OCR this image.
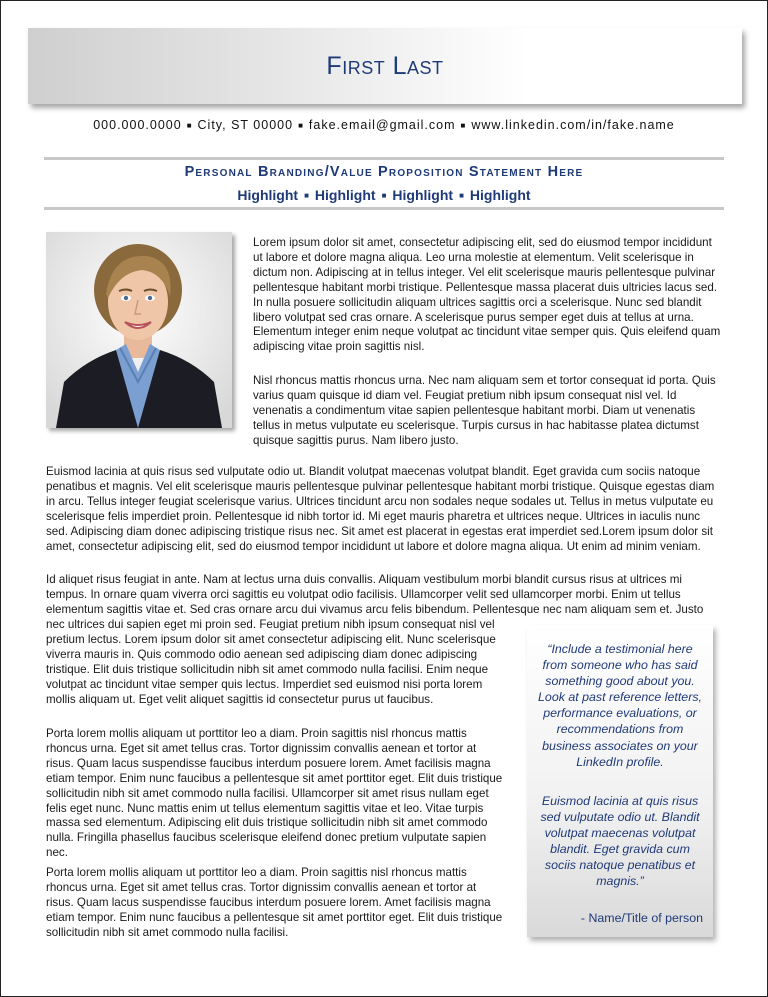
First Last
000.000.0000 ■ City, ST 00000 ■ fake.email@gmail.com ■ www.linkedin.com/in/fake.name
Personal Branding/Value Proposition Statement Here
Highlight ■ Highlight ■ Highlight ■ Highlight

Lorem ipsum dolor sit amet, consectetur adipiscing elit, sed do eiusmod tempor incididunt ut labore et dolore magna aliqua. Leo urna molestie at elementum. Velit scelerisque in dictum non. Adipiscing at in tellus integer. Vel elit scelerisque mauris pellentesque pulvinar pellentesque habitant morbi tristique. Pellentesque massa placerat duis ultricies lacus sed. In nulla posuere sollicitudin aliquam ultrices sagittis orci a scelerisque. Nunc sed blandit libero volutpat sed cras ornare. A scelerisque purus semper eget duis at tellus at urna. Elementum integer enim neque volutpat ac tincidunt vitae semper quis. Quis eleifend quam adipiscing vitae proin sagittis nisl.

Nisl rhoncus mattis rhoncus urna. Nec nam aliquam sem et tortor consequat id porta. Quis varius quam quisque id diam vel. Feugiat pretium nibh ipsum consequat nisl vel. Id venenatis a condimentum vitae sapien pellentesque habitant morbi. Diam ut venenatis tellus in metus vulputate eu scelerisque. Turpis cursus in hac habitasse platea dictumst quisque sagittis purus. Nam libero justo.

Euismod lacinia at quis risus sed vulputate odio ut. Blandit volutpat maecenas volutpat blandit. Eget gravida cum sociis natoque penatibus et magnis. Vel elit scelerisque mauris pellentesque pulvinar pellentesque habitant morbi tristique. Quisque egestas diam in arcu. Tellus integer feugiat scelerisque varius. Ultrices tincidunt arcu non sodales neque sodales ut. Tellus in metus vulputate eu scelerisque felis imperdiet proin. Pellentesque id nibh tortor id. Mi eget mauris pharetra et ultrices neque. Ultrices in iaculis nunc sed. Adipiscing diam donec adipiscing tristique risus nec. Sit amet est placerat in egestas erat imperdiet sed.Lorem ipsum dolor sit amet, consectetur adipiscing elit, sed do eiusmod tempor incididunt ut labore et dolore magna aliqua. Ut enim ad minim veniam.

Id aliquet risus feugiat in ante. Nam at lectus urna duis convallis. Aliquam vestibulum morbi blandit cursus risus at ultrices mi tempus. In ornare quam viverra orci sagittis eu volutpat odio facilisis. Ullamcorper velit sed ullamcorper morbi. Enim ut tellus elementum sagittis vitae et. Sed cras ornare arcu dui vivamus arcu felis bibendum. Pellentesque nec nam aliquam sem et. Justo nec ultrices dui sapien eget mi proin sed. Feugiat pretium nibh ipsum consequat nisl vel

pretium lectus. Lorem ipsum dolor sit amet consectetur adipiscing elit. Nunc scelerisque viverra mauris in. Quis commodo odio aenean sed adipiscing diam donec adipiscing tristique. Elit duis tristique sollicitudin nibh sit amet commodo nulla facilisi. Enim neque volutpat ac tincidunt vitae semper quis lectus. Imperdiet sed euismod nisi porta lorem mollis aliquam ut. Eget velit aliquet sagittis id consectetur purus ut faucibus.

Porta lorem mollis aliquam ut porttitor leo a diam. Proin sagittis nisl rhoncus mattis rhoncus urna. Eget sit amet tellus cras. Tortor dignissim convallis aenean et tortor at risus. Quam lacus suspendisse faucibus interdum posuere lorem. Amet facilisis magna etiam tempor. Enim nunc faucibus a pellentesque sit amet porttitor eget. Elit duis tristique sollicitudin nibh sit amet commodo nulla facilisi. Ullamcorper sit amet risus nullam eget felis eget nunc. Nunc mattis enim ut tellus elementum sagittis vitae et leo. Vitae turpis massa sed elementum. Adipiscing elit duis tristique sollicitudin nibh sit amet commodo nulla. Fringilla phasellus faucibus scelerisque eleifend donec pretium vulputate sapien nec.

Porta lorem mollis aliquam ut porttitor leo a diam. Proin sagittis nisl rhoncus mattis rhoncus urna. Eget sit amet tellus cras. Tortor dignissim convallis aenean et tortor at risus. Quam lacus suspendisse faucibus interdum posuere lorem. Amet facilisis magna etiam tempor. Enim nunc faucibus a pellentesque sit amet porttitor eget. Elit duis tristique sollicitudin nibh sit amet commodo nulla facilisi.

“Include a testimonial here from someone who has said something good about you. Look at past reference letters, performance evaluations, or recommendations from business associates on your LinkedIn profile.

Euismod lacinia at quis risus sed vulputate odio ut. Blandit volutpat maecenas volutpat blandit. Eget gravida cum sociis natoque penatibus et magnis.”

- Name/Title of person
